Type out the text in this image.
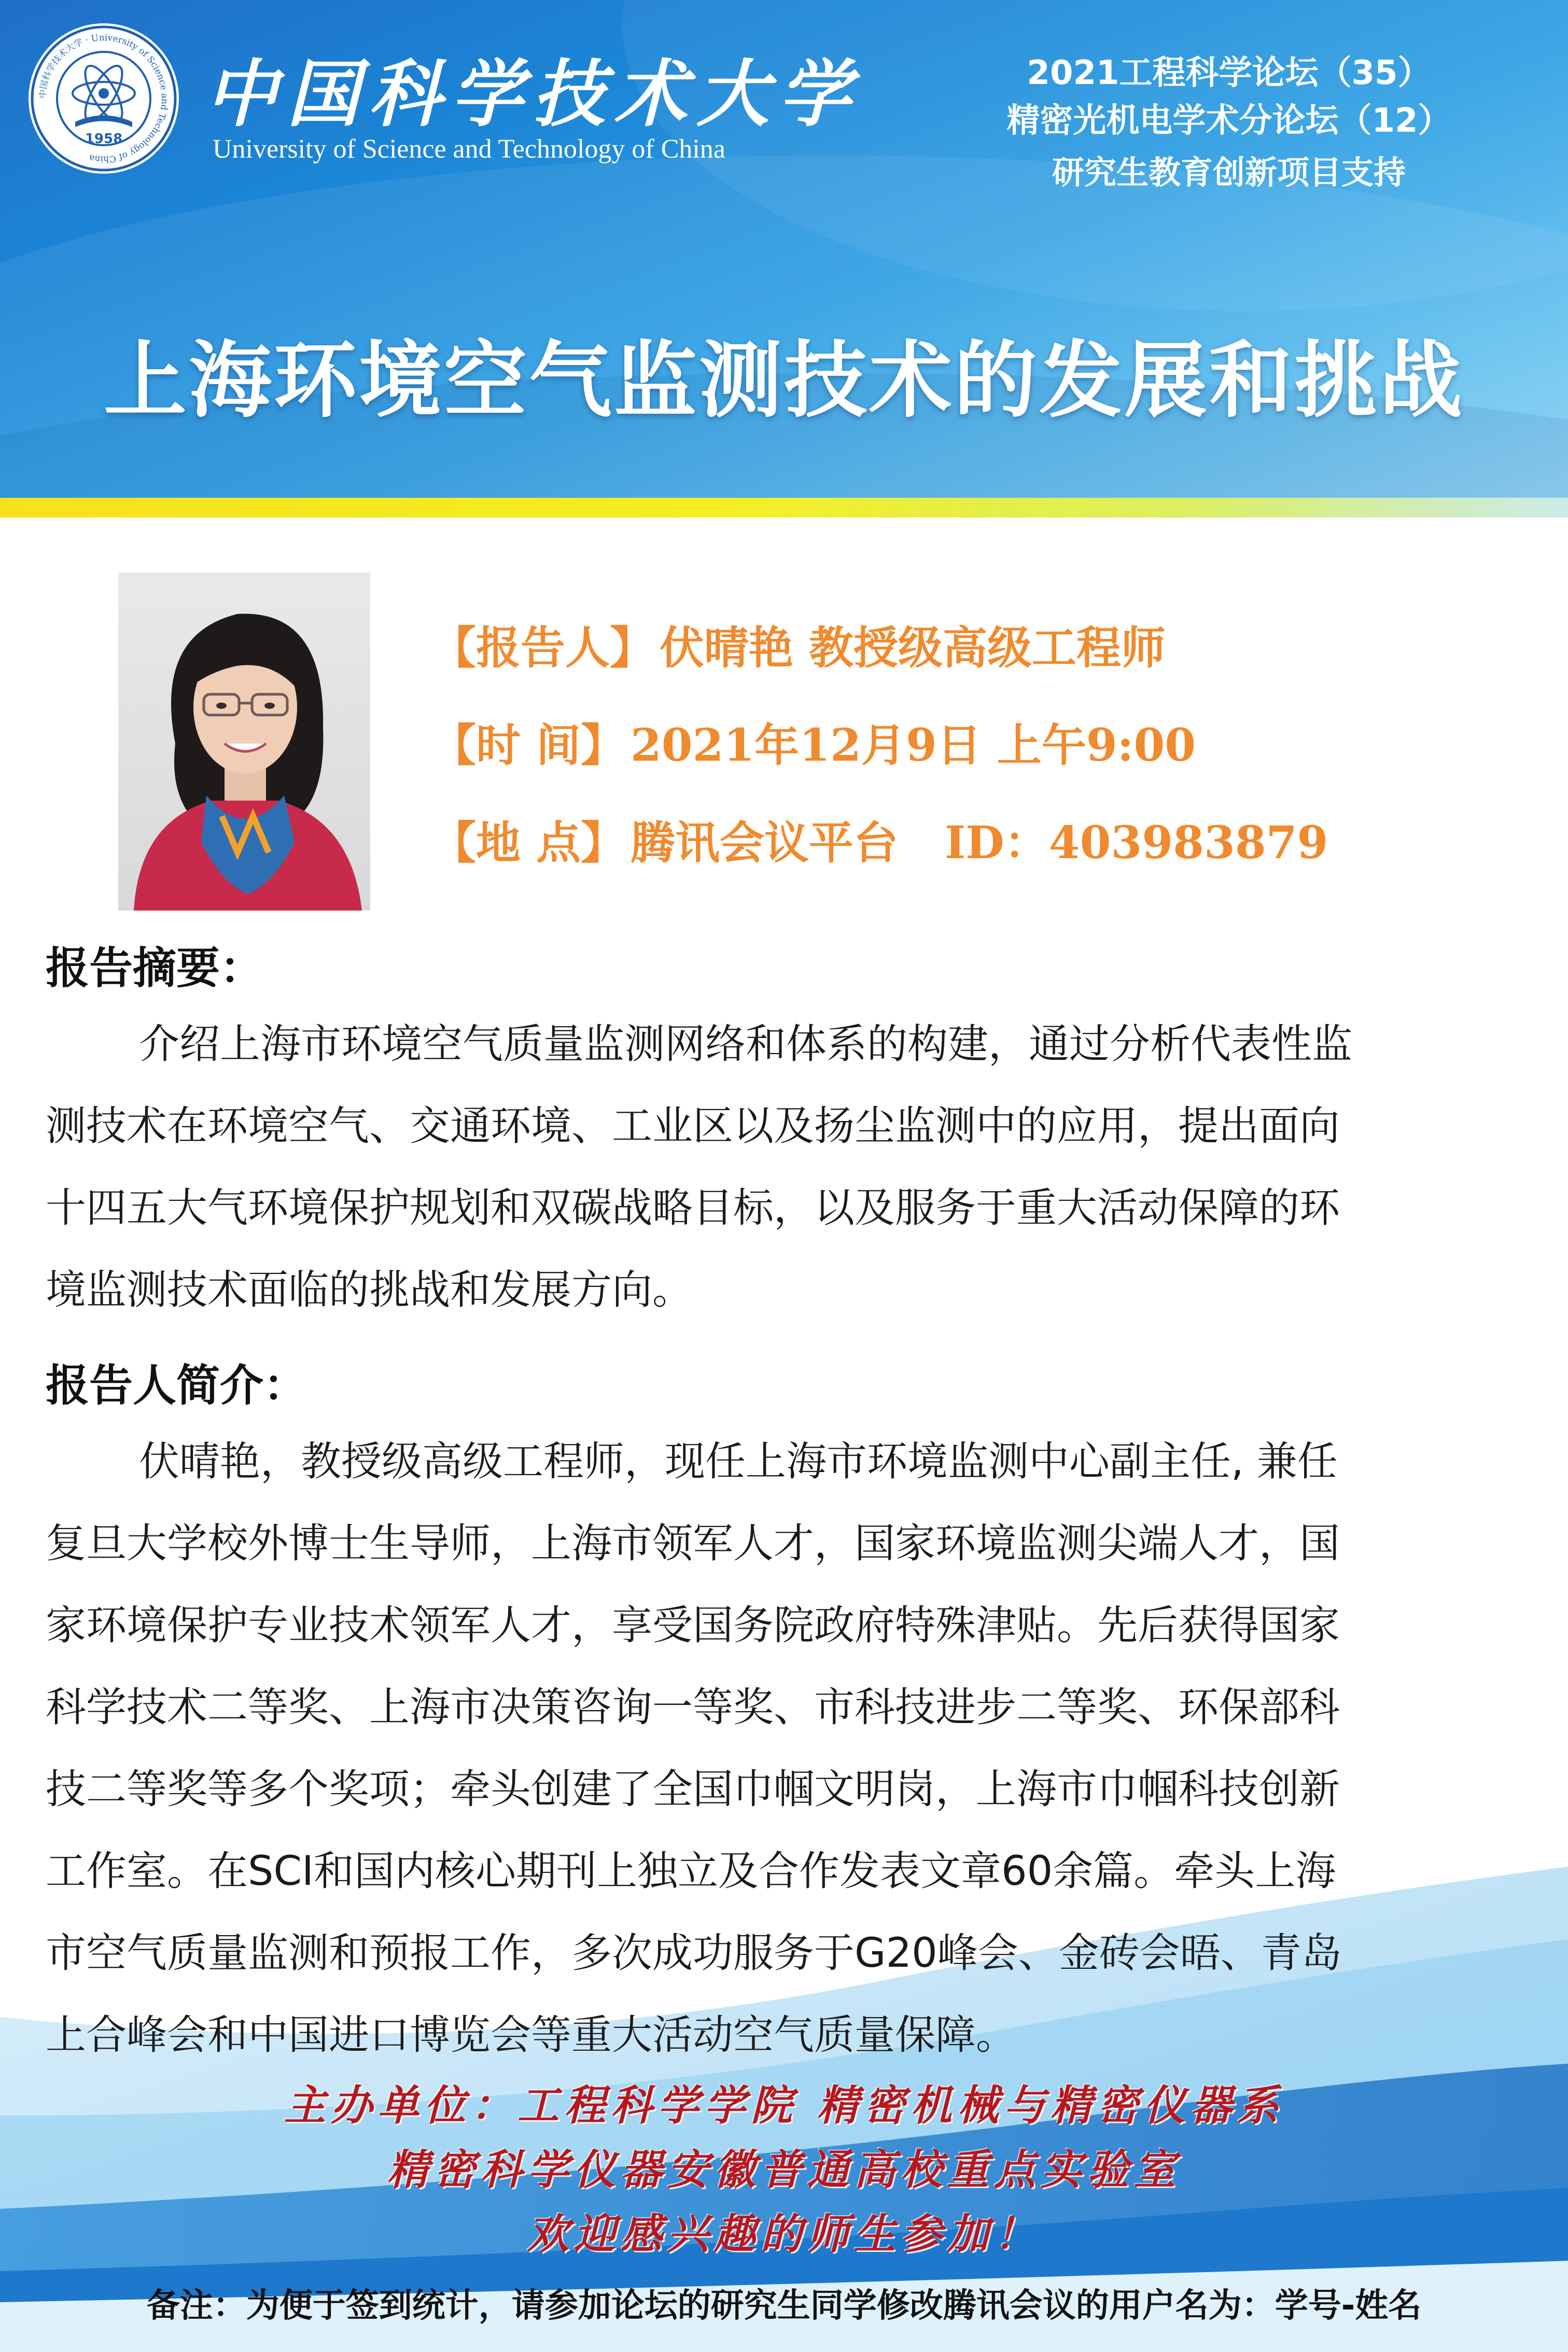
中国科学技术大学 · University of Science and Technology of China
1958
中国科学技术大学
University of Science and Technology of China
2021工程科学论坛（35）
精密光机电学术分论坛（12）
研究生教育创新项目支持
上海环境空气监测技术的发展和挑战
【报告人】 伏晴艳 教授级高级工程师
【时 间】 2021年12月9日 上午9:00
【地 点】 腾讯会议平台 ID：403983879
报告摘要：
介绍上海市环境空气质量监测网络和体系的构建，通过分析代表性监
测技术在环境空气、交通环境、工业区以及扬尘监测中的应用，提出面向
十四五大气环境保护规划和双碳战略目标，以及服务于重大活动保障的环
境监测技术面临的挑战和发展方向。
报告人简介：
伏晴艳，教授级高级工程师，现任上海市环境监测中心副主任, 兼任
复旦大学校外博士生导师，上海市领军人才，国家环境监测尖端人才，国
家环境保护专业技术领军人才，享受国务院政府特殊津贴。先后获得国家
科学技术二等奖、上海市决策咨询一等奖、市科技进步二等奖、环保部科
技二等奖等多个奖项；牵头创建了全国巾帼文明岗，上海市巾帼科技创新
工作室。在SCI和国内核心期刊上独立及合作发表文章60余篇。牵头上海
市空气质量监测和预报工作，多次成功服务于G20峰会、金砖会晤、青岛
上合峰会和中国进口博览会等重大活动空气质量保障。
主办单位：工程科学学院 精密机械与精密仪器系
精密科学仪器安徽普通高校重点实验室
欢迎感兴趣的师生参加！
备注：为便于签到统计，请参加论坛的研究生同学修改腾讯会议的用户名为：学号-姓名
